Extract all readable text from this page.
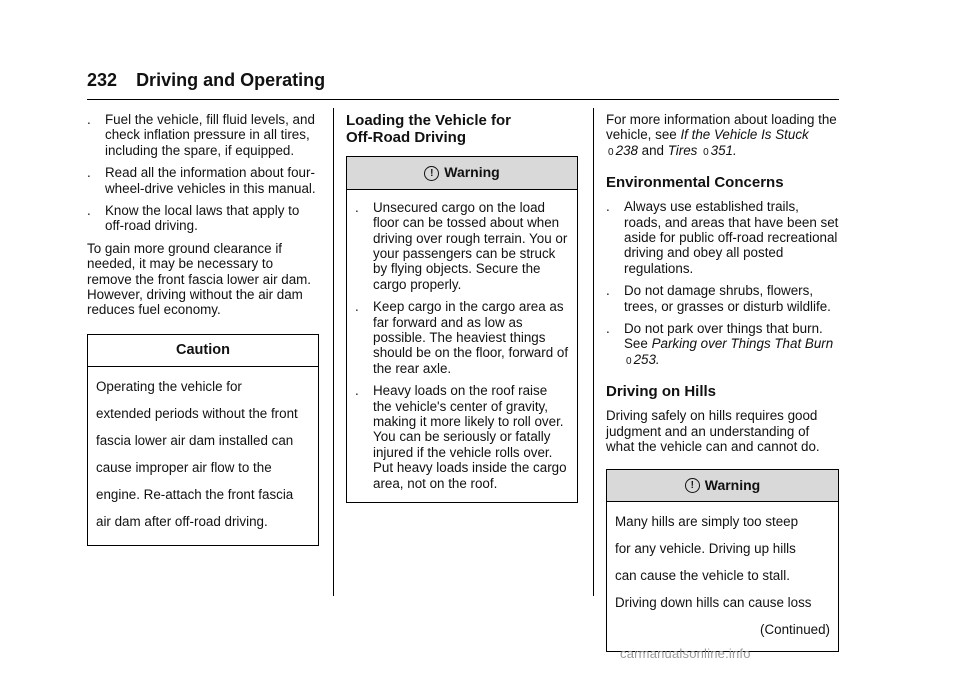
232 Driving and Operating
. Fuel the vehicle, fill fluid levels, and check inflation pressure in all tires, including the spare, if equipped.
. Read all the information about four-wheel-drive vehicles in this manual.
. Know the local laws that apply to off-road driving.

To gain more ground clearance if needed, it may be necessary to remove the front fascia lower air dam. However, driving without the air dam reduces fuel economy.

Caution

Operating the vehicle for

extended periods without the front

fascia lower air dam installed can

cause improper air flow to the

engine. Re-attach the front fascia

air dam after off-road driving.

Loading the Vehicle for Off-Road Driving
! Warning
. Unsecured cargo on the load floor can be tossed about when driving over rough terrain. You or your passengers can be struck by flying objects. Secure the cargo properly.
. Keep cargo in the cargo area as far forward and as low as possible. The heaviest things should be on the floor, forward of the rear axle.
. Heavy loads on the roof raise the vehicle's center of gravity, making it more likely to roll over. You can be seriously or fatally injured if the vehicle rolls over. Put heavy loads inside the cargo area, not on the roof.

For more information about loading the vehicle, see If the Vehicle Is Stuck 0 238 and Tires 0 351.

Environmental Concerns
. Always use established trails, roads, and areas that have been set aside for public off-road recreational driving and obey all posted regulations.
. Do not damage shrubs, flowers, trees, or grasses or disturb wildlife.
. Do not park over things that burn. See Parking over Things That Burn 0 253.
Driving on Hills

Driving safely on hills requires good judgment and an understanding of what the vehicle can and cannot do.

! Warning

Many hills are simply too steep

for any vehicle. Driving up hills

can cause the vehicle to stall.

Driving down hills can cause loss

(Continued)

carmanualsonline.info
